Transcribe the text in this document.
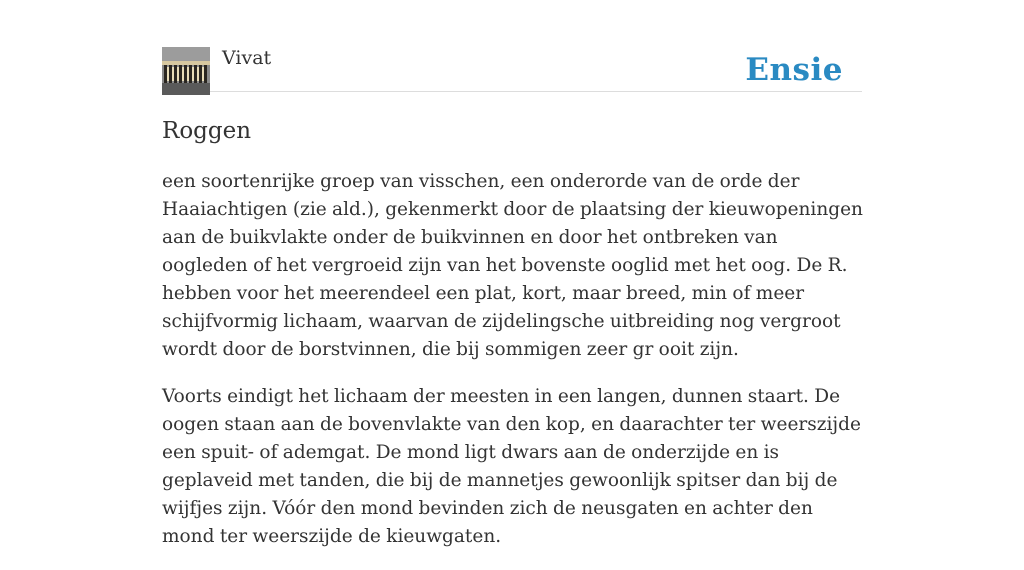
Vivat	Ensie
Roggen

een soortenrijke groep van visschen, een onderorde van de orde der Haaiachtigen (zie ald.), gekenmerkt door de plaatsing der kieuwopeningen aan de buikvlakte onder de buikvinnen en door het ontbreken van oogleden of het vergroeid zijn van het bovenste ooglid met het oog. De R. hebben voor het meerendeel een plat, kort, maar breed, min of meer schijfvormig lichaam, waarvan de zijdelingsche uitbreiding nog vergroot wordt door de borstvinnen, die bij sommigen zeer gr ooit zijn.

Voorts eindigt het lichaam der meesten in een langen, dunnen staart. De oogen staan aan de bovenvlakte van den kop, en daarachter ter weerszijde een spuit- of ademgat. De mond ligt dwars aan de onderzijde en is geplaveid met tanden, die bij de mannetjes gewoonlijk spitser dan bij de wijfjes zijn. Vóór den mond bevinden zich de neusgaten en achter den mond ter weerszijde de kieuwgaten.
